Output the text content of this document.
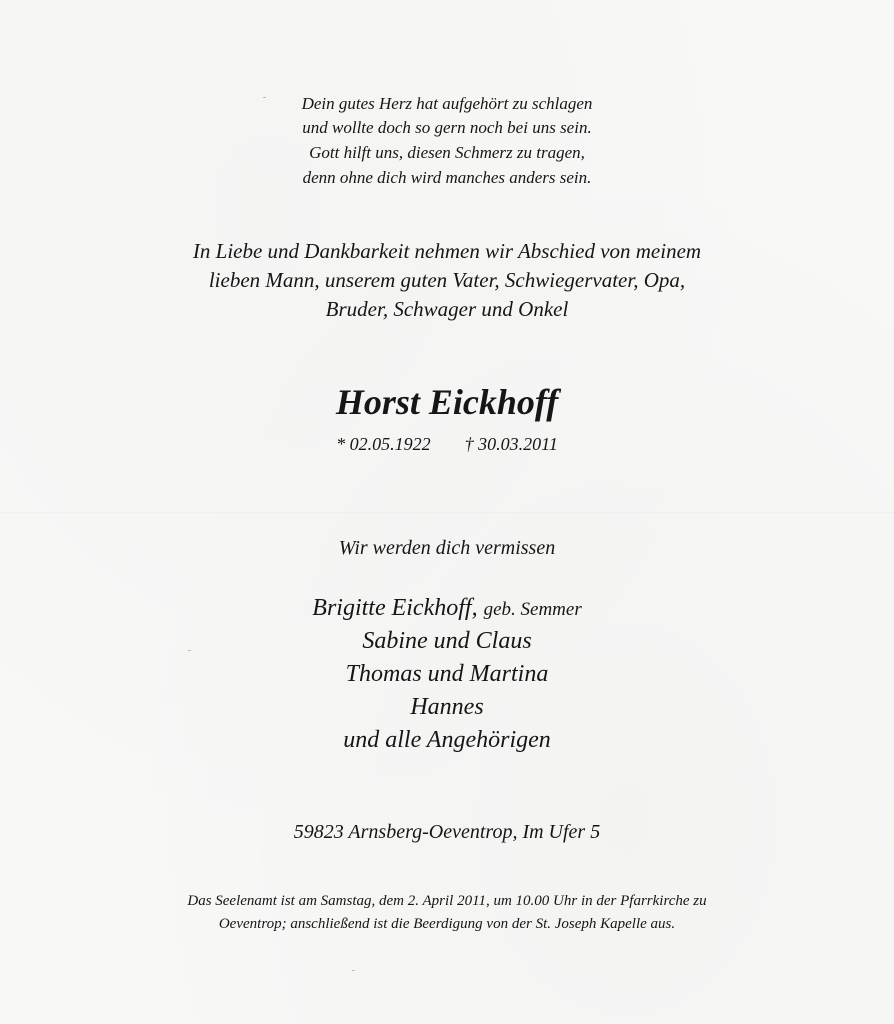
Dein gutes Herz hat aufgehört zu schlagen
und wollte doch so gern noch bei uns sein.
Gott hilft uns, diesen Schmerz zu tragen,
denn ohne dich wird manches anders sein.
In Liebe und Dankbarkeit nehmen wir Abschied von meinem
lieben Mann, unserem guten Vater, Schwiegervater, Opa,
Bruder, Schwager und Onkel
Horst Eickhoff
* 02.05.1922 † 30.03.2011
Wir werden dich vermissen
Brigitte Eickhoff, geb. Semmer
Sabine und Claus
Thomas und Martina
Hannes
und alle Angehörigen
59823 Arnsberg-Oeventrop, Im Ufer 5
Das Seelenamt ist am Samstag, dem 2. April 2011, um 10.00 Uhr in der Pfarrkirche zu
Oeventrop; anschließend ist die Beerdigung von der St. Joseph Kapelle aus.
